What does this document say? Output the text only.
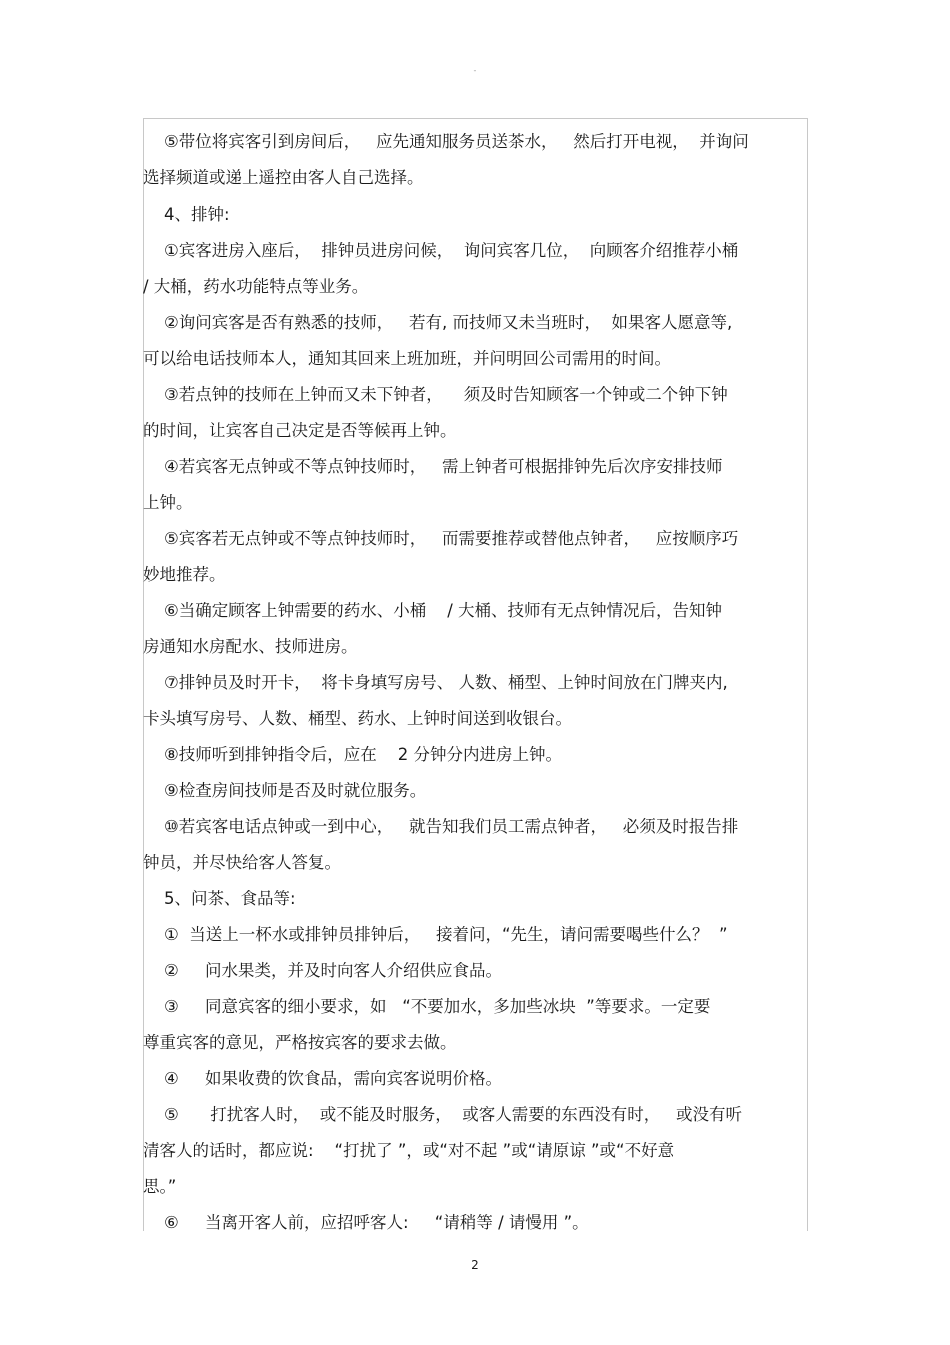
-
⑤带位将宾客引到房间后，   应先通知服务员送茶水，   然后打开电视，  并询问
选择频道或递上遥控由客人自己选择。
4、排钟:
①宾客进房入座后，  排钟员进房问候，  询问宾客几位，  向顾客介绍推荐小桶
/ 大桶，药水功能特点等业务。
②询问宾客是否有熟悉的技师，   若有, 而技师又未当班时，  如果客人愿意等,
可以给电话技师本人，通知其回来上班加班，并问明回公司需用的时间。
③若点钟的技师在上钟而又未下钟者，    须及时告知顾客一个钟或二个钟下钟
的时间，让宾客自己决定是否等候再上钟。
④若宾客无点钟或不等点钟技师时，   需上钟者可根据排钟先后次序安排技师
上钟。
⑤宾客若无点钟或不等点钟技师时，   而需要推荐或替他点钟者，   应按顺序巧
妙地推荐。
⑥当确定顾客上钟需要的药水、小桶    / 大桶、技师有无点钟情况后，告知钟
房通知水房配水、技师进房。
⑦排钟员及时开卡，  将卡身填写房号、 人数、桶型、上钟时间放在门牌夹内,
卡头填写房号、人数、桶型、药水、上钟时间送到收银台。
⑧技师听到排钟指令后，应在    2 分钟分内进房上钟。
⑨检查房间技师是否及时就位服务。
⑩若宾客电话点钟或一到中心，   就告知我们员工需点钟者，   必须及时报告排
钟员，并尽快给客人答复。
5、问茶、食品等:
①  当送上一杯水或排钟员排钟后，   接着问，“先生，请问需要喝些什么？  ”
②     问水果类，并及时向客人介绍供应食品。
③     同意宾客的细小要求，如   “不要加水，多加些冰块  ”等要求。一定要
尊重宾客的意见，严格按宾客的要求去做。
④     如果收费的饮食品，需向宾客说明价格。
⑤      打扰客人时，  或不能及时服务，  或客人需要的东西没有时，   或没有听
清客人的话时，都应说:    “打扰了 ”，或“对不起 ”或“请原谅 ”或“不好意
思。”
⑥     当离开客人前，应招呼客人:     “请稍等 / 请慢用 ”。
2
